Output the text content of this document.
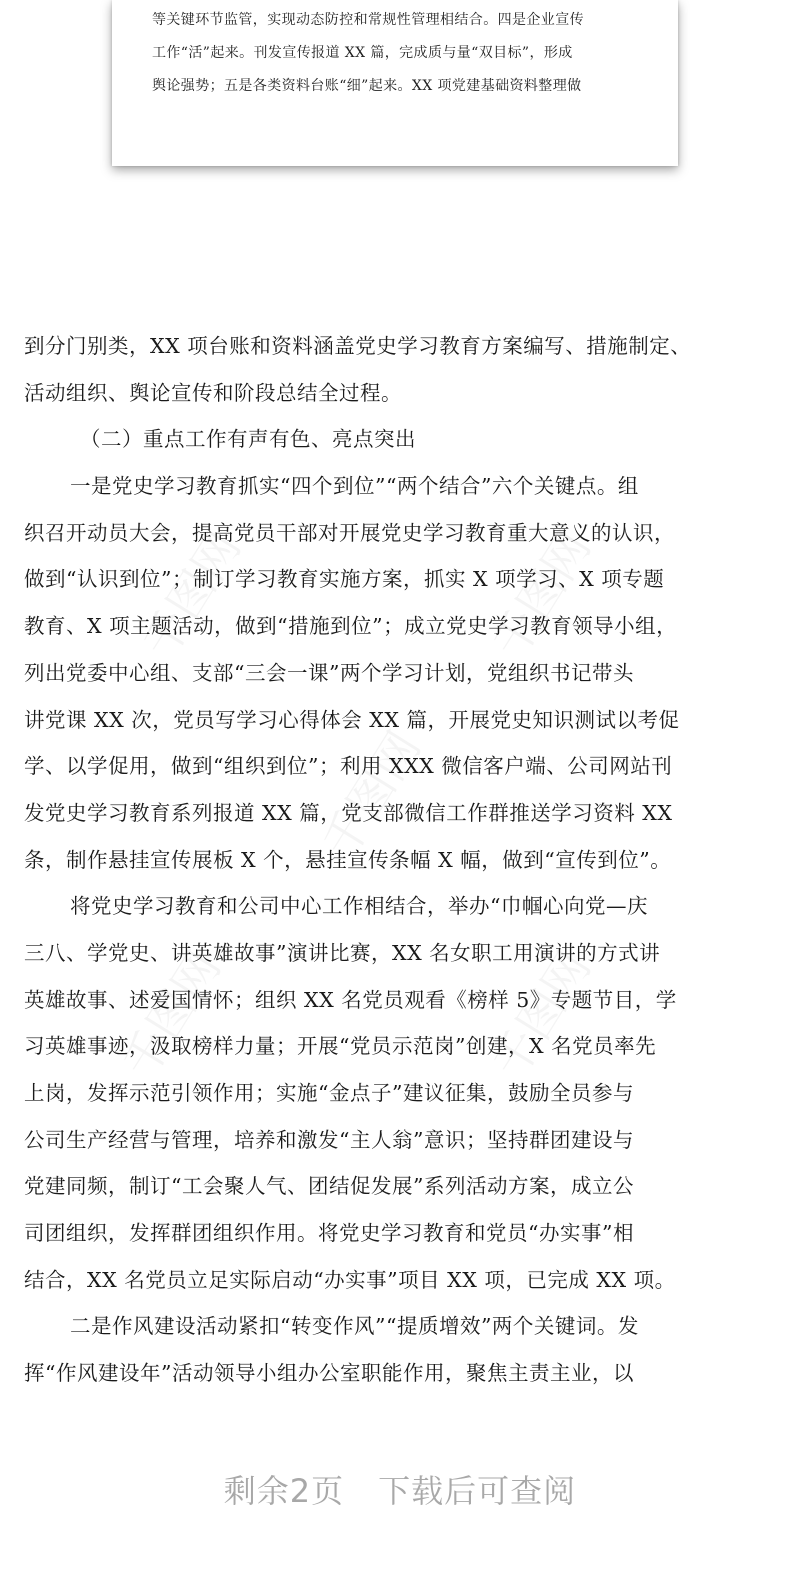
等关键环节监管，实现动态防控和常规性管理相结合。四是企业宣传
工作“活”起来。刊发宣传报道 XX 篇，完成质与量“双目标”，形成
舆论强势；五是各类资料台账“细”起来。XX 项党建基础资料整理做
到分门别类，XX 项台账和资料涵盖党史学习教育方案编写、措施制定、
活动组织、舆论宣传和阶段总结全过程。
（二）重点工作有声有色、亮点突出
一是党史学习教育抓实“四个到位”“两个结合”六个关键点。组
织召开动员大会，提高党员干部对开展党史学习教育重大意义的认识，
做到“认识到位”；制订学习教育实施方案，抓实 X 项学习、X 项专题
教育、X 项主题活动，做到“措施到位”；成立党史学习教育领导小组，
列出党委中心组、支部“三会一课”两个学习计划，党组织书记带头
讲党课 XX 次，党员写学习心得体会 XX 篇，开展党史知识测试以考促
学、以学促用，做到“组织到位”；利用 XXX 微信客户端、公司网站刊
发党史学习教育系列报道 XX 篇，党支部微信工作群推送学习资料 XX
条，制作悬挂宣传展板 X 个，悬挂宣传条幅 X 幅，做到“宣传到位”。
将党史学习教育和公司中心工作相结合，举办“巾帼心向党—庆
三八、学党史、讲英雄故事”演讲比赛，XX 名女职工用演讲的方式讲
英雄故事、述爱国情怀；组织 XX 名党员观看《榜样 5》专题节目，学
习英雄事迹，汲取榜样力量；开展“党员示范岗”创建，X 名党员率先
上岗，发挥示范引领作用；实施“金点子”建议征集，鼓励全员参与
公司生产经营与管理，培养和激发“主人翁”意识；坚持群团建设与
党建同频，制订“工会聚人气、团结促发展”系列活动方案，成立公
司团组织，发挥群团组织作用。将党史学习教育和党员“办实事”相
结合，XX 名党员立足实际启动“办实事”项目 XX 项，已完成 XX 项。
二是作风建设活动紧扣“转变作风”“提质增效”两个关键词。发
挥“作风建设年”活动领导小组办公室职能作用，聚焦主责主业，以
剩余2页 下载后可查阅
